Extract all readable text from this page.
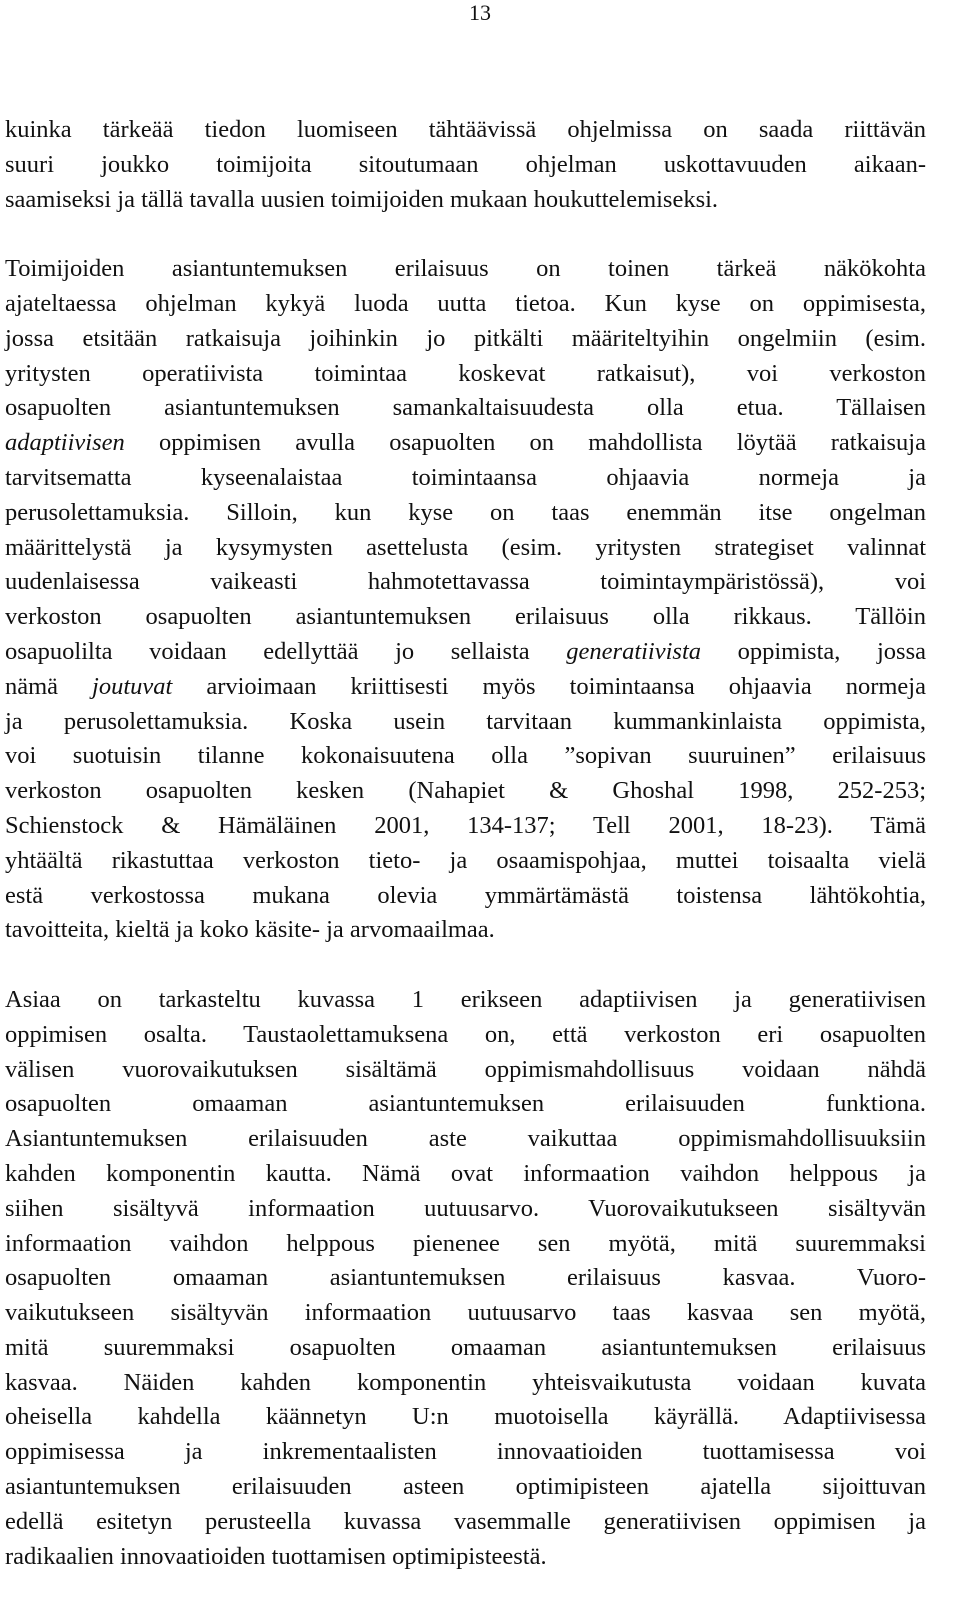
13

kuinka tärkeää tiedon luomiseen tähtäävissä ohjelmissa on saada riittävän
suuri joukko toimijoita sitoutumaan ohjelman uskottavuuden aikaan-
saamiseksi ja tällä tavalla uusien toimijoiden mukaan houkuttelemiseksi.

Toimijoiden asiantuntemuksen erilaisuus on toinen tärkeä näkökohta
ajateltaessa ohjelman kykyä luoda uutta tietoa. Kun kyse on oppimisesta,
jossa etsitään ratkaisuja joihinkin jo pitkälti määriteltyihin ongelmiin (esim.
yritysten operatiivista toimintaa koskevat ratkaisut), voi verkoston
osapuolten asiantuntemuksen samankaltaisuudesta olla etua. Tällaisen
adaptiivisen oppimisen avulla osapuolten on mahdollista löytää ratkaisuja
tarvitsematta kyseenalaistaa toimintaansa ohjaavia normeja ja
perusolettamuksia. Silloin, kun kyse on taas enemmän itse ongelman
määrittelystä ja kysymysten asettelusta (esim. yritysten strategiset valinnat
uudenlaisessa vaikeasti hahmotettavassa toimintaympäristössä), voi
verkoston osapuolten asiantuntemuksen erilaisuus olla rikkaus. Tällöin
osapuolilta voidaan edellyttää jo sellaista generatiivista oppimista, jossa
nämä joutuvat arvioimaan kriittisesti myös toimintaansa ohjaavia normeja
ja perusolettamuksia. Koska usein tarvitaan kummankinlaista oppimista,
voi suotuisin tilanne kokonaisuutena olla ”sopivan suuruinen” erilaisuus
verkoston osapuolten kesken (Nahapiet & Ghoshal 1998, 252-253;
Schienstock & Hämäläinen 2001, 134-137; Tell 2001, 18-23). Tämä
yhtäältä rikastuttaa verkoston tieto- ja osaamispohjaa, muttei toisaalta vielä
estä verkostossa mukana olevia ymmärtämästä toistensa lähtökohtia,
tavoitteita, kieltä ja koko käsite- ja arvomaailmaa.

Asiaa on tarkasteltu kuvassa 1 erikseen adaptiivisen ja generatiivisen
oppimisen osalta. Taustaolettamuksena on, että verkoston eri osapuolten
välisen vuorovaikutuksen sisältämä oppimismahdollisuus voidaan nähdä
osapuolten omaaman asiantuntemuksen erilaisuuden funktiona.
Asiantuntemuksen erilaisuuden aste vaikuttaa oppimismahdollisuuksiin
kahden komponentin kautta. Nämä ovat informaation vaihdon helppous ja
siihen sisältyvä informaation uutuusarvo. Vuorovaikutukseen sisältyvän
informaation vaihdon helppous pienenee sen myötä, mitä suuremmaksi
osapuolten omaaman asiantuntemuksen erilaisuus kasvaa. Vuoro-
vaikutukseen sisältyvän informaation uutuusarvo taas kasvaa sen myötä,
mitä suuremmaksi osapuolten omaaman asiantuntemuksen erilaisuus
kasvaa. Näiden kahden komponentin yhteisvaikutusta voidaan kuvata
oheisella kahdella käännetyn U:n muotoisella käyrällä. Adaptiivisessa
oppimisessa ja inkrementaalisten innovaatioiden tuottamisessa voi
asiantuntemuksen erilaisuuden asteen optimipisteen ajatella sijoittuvan
edellä esitetyn perusteella kuvassa vasemmalle generatiivisen oppimisen ja
radikaalien innovaatioiden tuottamisen optimipisteestä.
